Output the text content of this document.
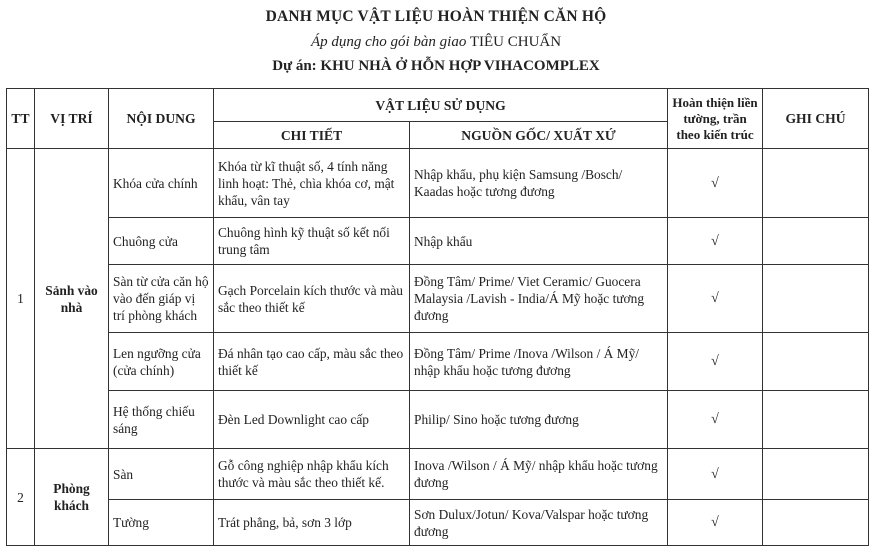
DANH MỤC VẬT LIỆU HOÀN THIỆN CĂN HỘ
Áp dụng cho gói bàn giao TIÊU CHUẨN
Dự án: KHU NHÀ Ở HỖN HỢP VIHACOMPLEX
TT	VỊ TRÍ	NỘI DUNG	VẬT LIỆU SỬ DỤNG		Hoàn thiện liền tường, trần theo kiến trúc	GHI CHÚ
			CHI TIẾT	NGUỒN GỐC/ XUẤT XỨ		
1	Sảnh vào nhà	Khóa cửa chính	Khóa từ kĩ thuật số, 4 tính năng linh hoạt: Thẻ, chìa khóa cơ, mật khẩu, vân tay	Nhập khẩu, phụ kiện Samsung /Bosch/ Kaadas hoặc tương đương	√	
		Chuông cửa	Chuông hình kỹ thuật số kết nối trung tâm	Nhập khẩu	√	
		Sàn từ cửa căn hộ vào đến giáp vị trí phòng khách	Gạch Porcelain kích thước và màu sắc theo thiết kế	Đồng Tâm/ Prime/ Viet Ceramic/ Guocera Malaysia /Lavish - India/Á Mỹ hoặc tương đương	√	
		Len ngưỡng cửa (cửa chính)	Đá nhân tạo cao cấp, màu sắc theo thiết kế	Đồng Tâm/ Prime /Inova /Wilson / Á Mỹ/ nhập khẩu hoặc tương đương	√	
		Hệ thống chiếu sáng	Đèn Led Downlight cao cấp	Philip/ Sino hoặc tương đương	√	
2	Phòng khách	Sàn	Gỗ công nghiệp nhập khẩu kích thước và màu sắc theo thiết kế.	Inova /Wilson / Á Mỹ/ nhập khẩu hoặc tương đương	√	
		Tường	Trát phẳng, bả, sơn 3 lớp	Sơn Dulux/Jotun/ Kova/Valspar hoặc tương đương	√	
